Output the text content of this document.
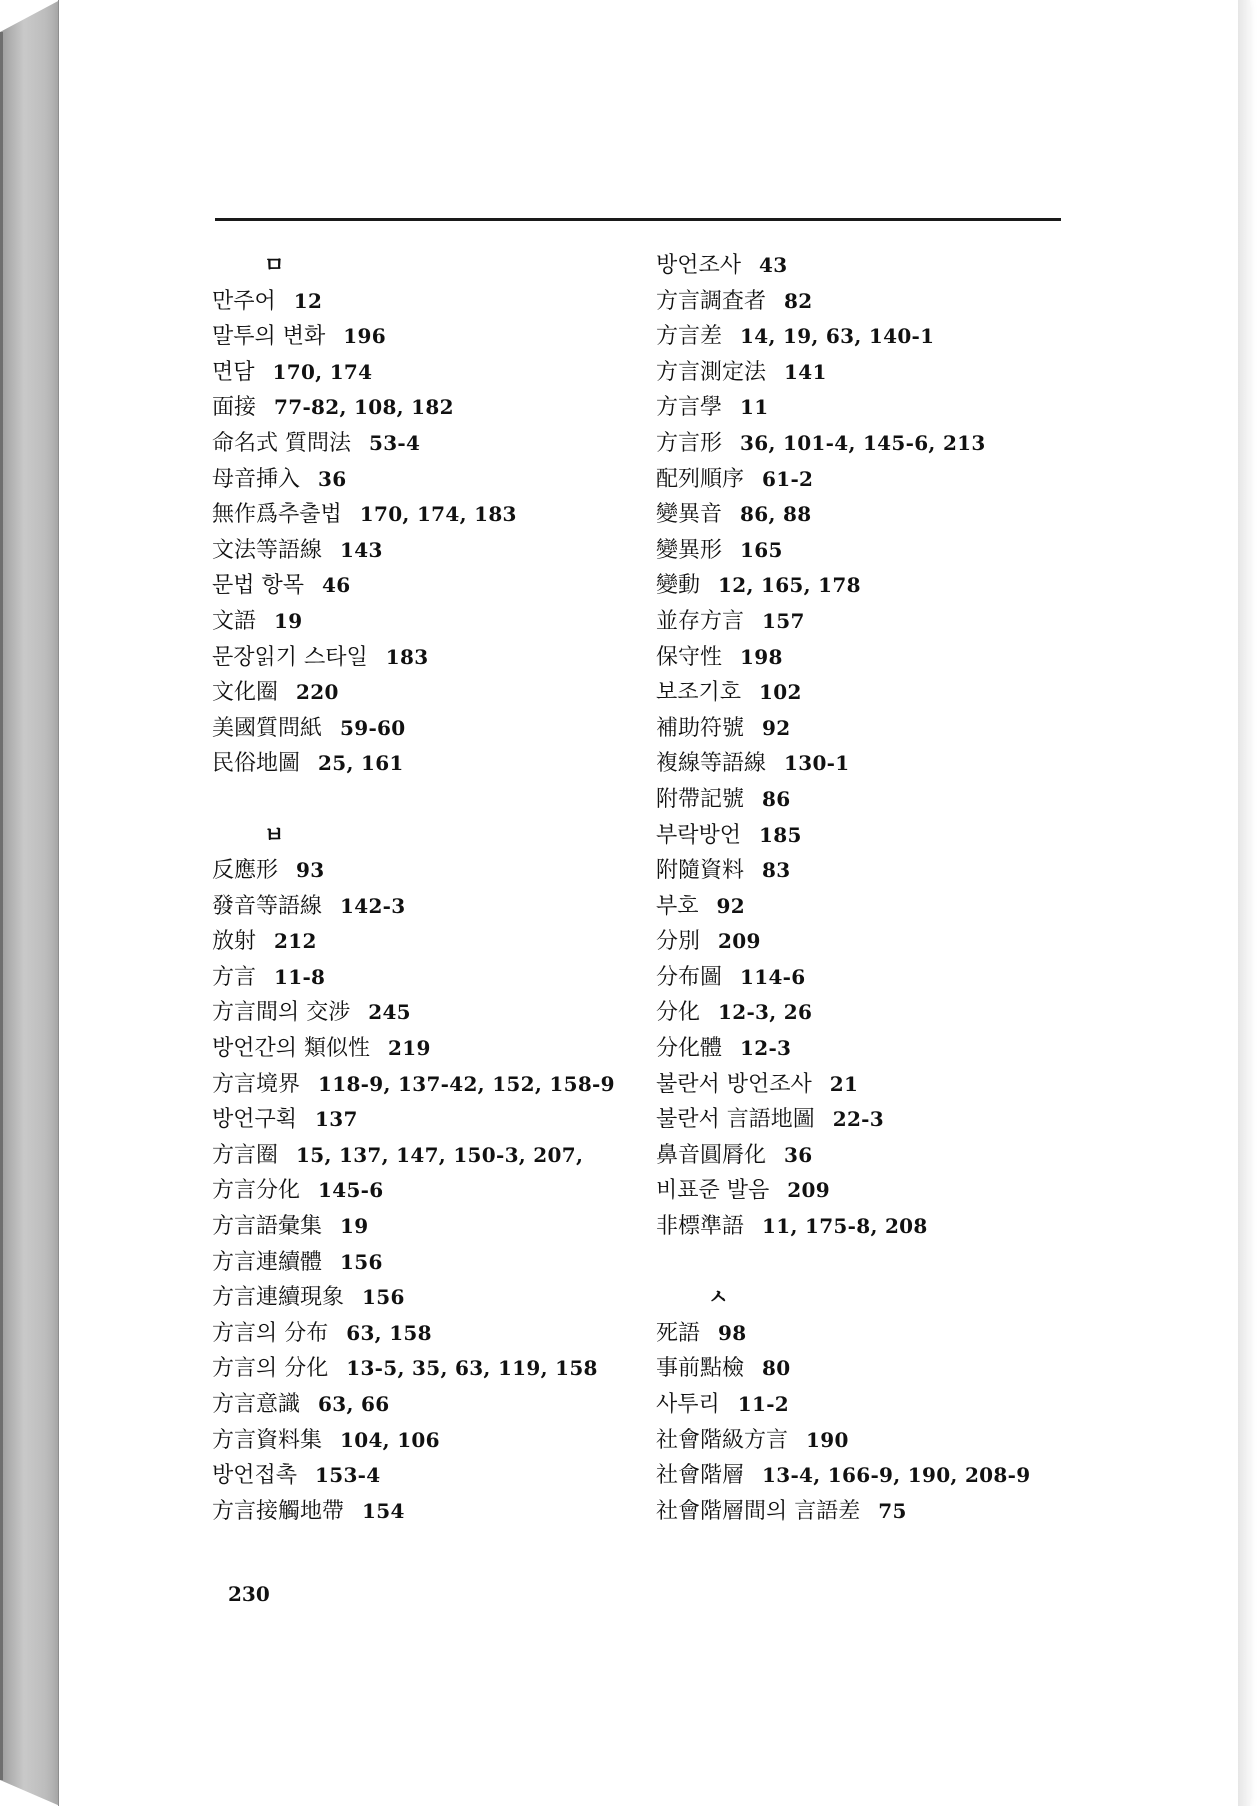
ㅁ
만주어 12
말투의 변화 196
면담 170, 174
面接 77-82, 108, 182
命名式 質問法 53-4
母音挿入 36
無作爲추출법 170, 174, 183
文法等語線 143
문법 항목 46
文語 19
문장읽기 스타일 183
文化圈 220
美國質問紙 59-60
民俗地圖 25, 161
ㅂ
反應形 93
發音等語線 142-3
放射 212
方言 11-8
方言間의 交涉 245
방언간의 類似性 219
方言境界 118-9, 137-42, 152, 158-9
방언구획 137
方言圈 15, 137, 147, 150-3, 207,
方言分化 145-6
方言語彙集 19
方言連續體 156
方言連續現象 156
方言의 分布 63, 158
方言의 分化 13-5, 35, 63, 119, 158
方言意識 63, 66
方言資料集 104, 106
방언접촉 153-4
方言接觸地帶 154
방언조사 43
方言調査者 82
方言差 14, 19, 63, 140-1
方言測定法 141
方言學 11
方言形 36, 101-4, 145-6, 213
配列順序 61-2
變異音 86, 88
變異形 165
變動 12, 165, 178
並存方言 157
保守性 198
보조기호 102
補助符號 92
複線等語線 130-1
附帶記號 86
부락방언 185
附隨資料 83
부호 92
分別 209
分布圖 114-6
分化 12-3, 26
分化體 12-3
불란서 방언조사 21
불란서 言語地圖 22-3
鼻音圓脣化 36
비표준 발음 209
非標準語 11, 175-8, 208
ㅅ
死語 98
事前點檢 80
사투리 11-2
社會階級方言 190
社會階層 13-4, 166-9, 190, 208-9
社會階層間의 言語差 75
230
